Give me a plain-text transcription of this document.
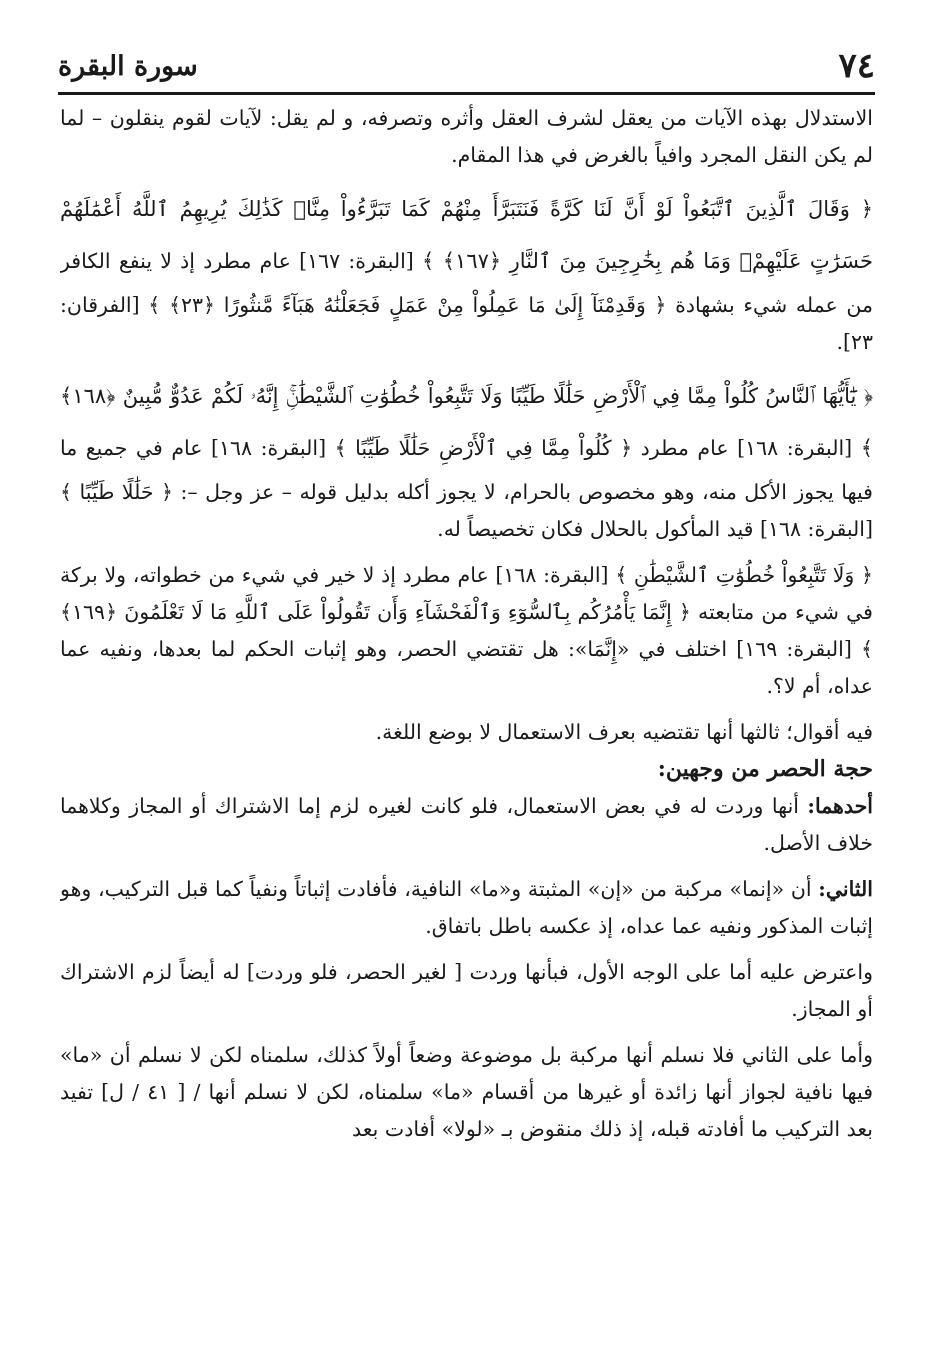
٧٤
سورة البقرة

الاستدلال بهذه الآيات من يعقل لشرف العقل وأثره وتصرفه، و لم يقل: لآيات لقوم ينقلون – لما لم يكن النقل المجرد وافياً بالغرض في هذا المقام.

﴿ وَقَالَ ٱلَّذِينَ ٱتَّبَعُواْ لَوْ أَنَّ لَنَا كَرَّةً فَنَتَبَرَّأَ مِنْهُمْ كَمَا تَبَرَّءُواْ مِنَّاۗ كَذَٰلِكَ يُرِيهِمُ ٱللَّهُ أَعْمَٰلَهُمْ حَسَرَٰتٍ عَلَيْهِمْۖ وَمَا هُم بِخَٰرِجِينَ مِنَ ٱلنَّارِ ﴿١٦٧﴾ ﴾ [البقرة: ١٦٧] عام مطرد إذ لا ينفع الكافر من عمله شيء بشهادة ﴿ وَقَدِمْنَآ إِلَىٰ مَا عَمِلُواْ مِنْ عَمَلٍ فَجَعَلْنَٰهُ هَبَآءً مَّنثُورًا ﴿٢٣﴾ ﴾ [الفرقان: ٢٣].

﴿ يَٰٓأَيُّهَا ٱلنَّاسُ كُلُواْ مِمَّا فِي ٱلْأَرْضِ حَلَٰلًا طَيِّبًا وَلَا تَتَّبِعُواْ خُطُوَٰتِ ٱلشَّيْطَٰنِۚ إِنَّهُۥ لَكُمْ عَدُوٌّ مُّبِينٌ ﴿١٦٨﴾ ﴾ [البقرة: ١٦٨] عام مطرد ﴿ كُلُواْ مِمَّا فِي ٱلْأَرْضِ حَلَٰلًا طَيِّبًا ﴾ [البقرة: ١٦٨] عام في جميع ما فيها يجوز الأكل منه، وهو مخصوص بالحرام، لا يجوز أكله بدليل قوله – عز وجل –: ﴿ حَلَٰلًا طَيِّبًا ﴾ [البقرة: ١٦٨] قيد المأكول بالحلال فكان تخصيصاً له.

﴿ وَلَا تَتَّبِعُواْ خُطُوَٰتِ ٱلشَّيْطَٰنِ ﴾ [البقرة: ١٦٨] عام مطرد إذ لا خير في شيء من خطواته، ولا بركة في شيء من متابعته ﴿ إِنَّمَا يَأْمُرُكُم بِٱلسُّوٓءِ وَٱلْفَحْشَآءِ وَأَن تَقُولُواْ عَلَى ٱللَّهِ مَا لَا تَعْلَمُونَ ﴿١٦٩﴾ ﴾ [البقرة: ١٦٩] اختلف في «إِنَّمَا»: هل تقتضي الحصر، وهو إثبات الحكم لما بعدها، ونفيه عما عداه، أم لا؟.

فيه أقوال؛ ثالثها أنها تقتضيه بعرف الاستعمال لا بوضع اللغة.

حجة الحصر من وجهين:

أحدهما: أنها وردت له في بعض الاستعمال، فلو كانت لغيره لزم إما الاشتراك أو المجاز وكلاهما خلاف الأصل.

الثاني: أن «إنما» مركبة من «إن» المثبتة و«ما» النافية، فأفادت إثباتاً ونفياً كما قبل التركيب، وهو إثبات المذكور ونفيه عما عداه، إذ عكسه باطل باتفاق.

واعترض عليه أما على الوجه الأول، فبأنها وردت [ لغير الحصر، فلو وردت] له أيضاً لزم الاشتراك أو المجاز.

وأما على الثاني فلا نسلم أنها مركبة بل موضوعة وضعاً أولاً كذلك، سلمناه لكن لا نسلم أن «ما» فيها نافية لجواز أنها زائدة أو غيرها من أقسام «ما» سلمناه، لكن لا نسلم أنها / [ ٤١ / ل] تفيد بعد التركيب ما أفادته قبله، إذ ذلك منقوض بـ «لولا» أفادت بعد
